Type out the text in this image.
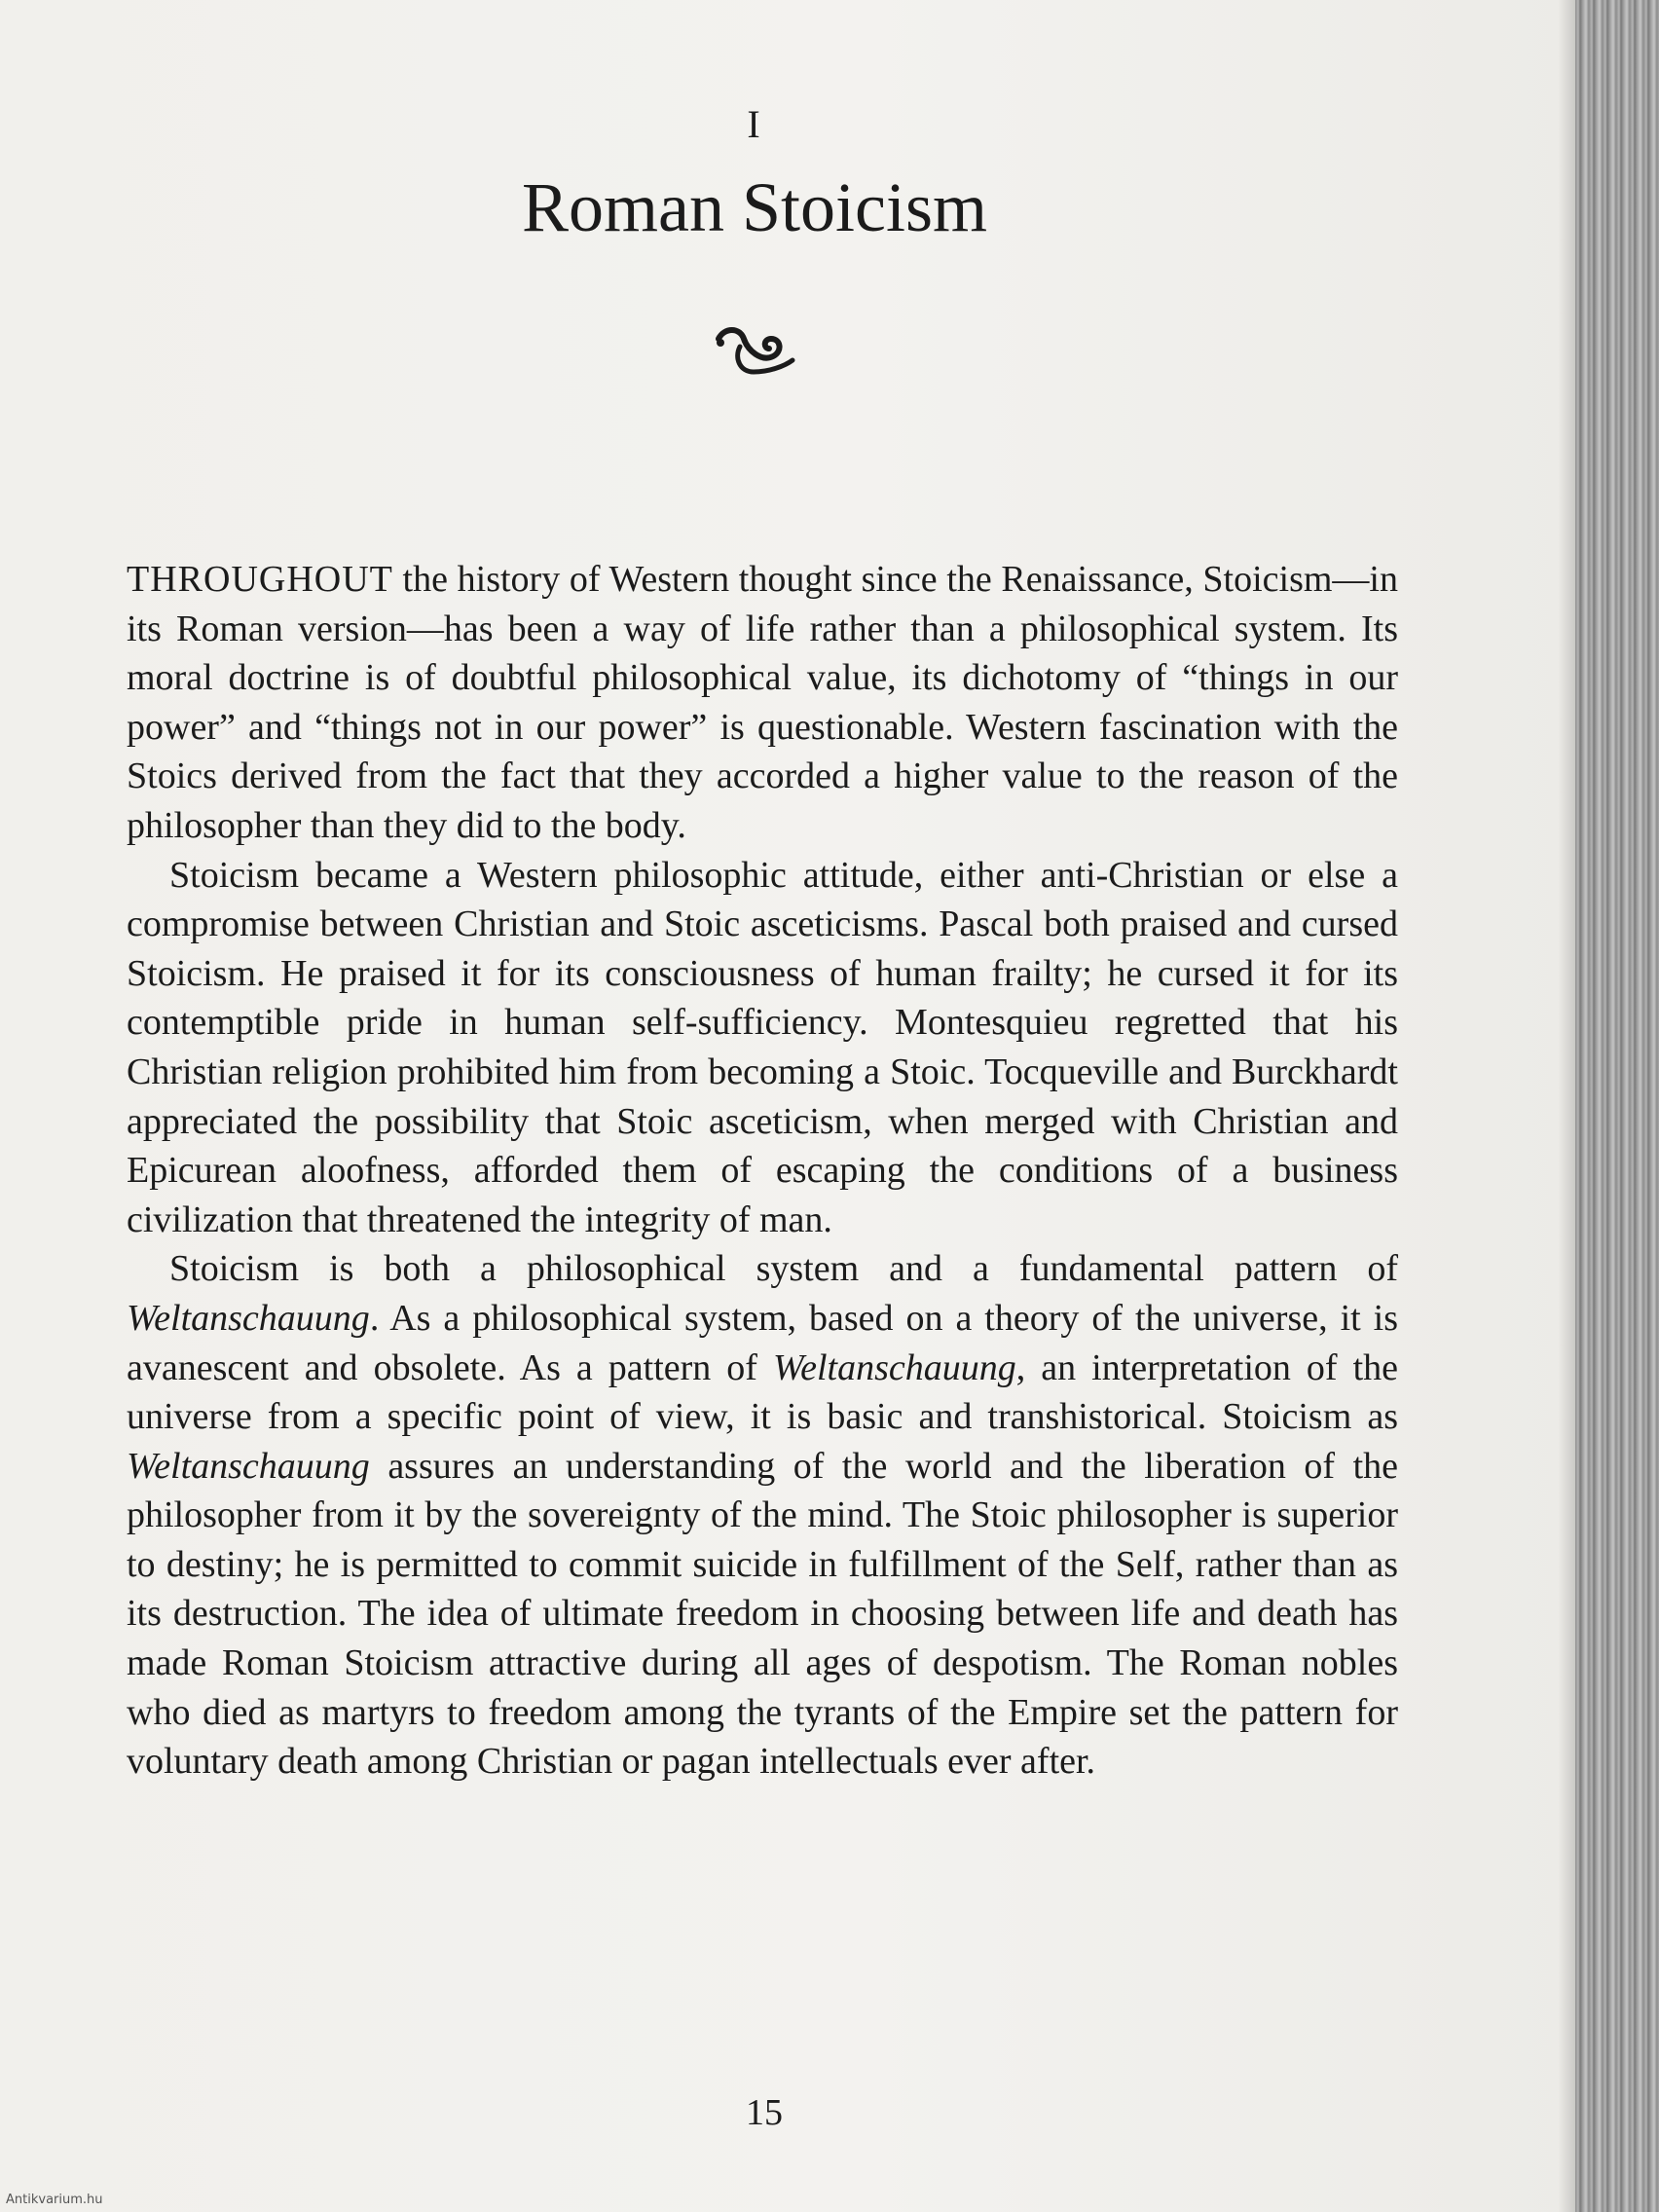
I
Roman Stoicism

THROUGHOUT the history of Western thought since the Renaissance, Stoicism—in its Roman version—has been a way of life rather than a philosophical system. Its moral doctrine is of doubtful philosophical value, its dichotomy of “things in our power” and “things not in our power” is questionable. Western fascination with the Stoics derived from the fact that they accorded a higher value to the reason of the philosopher than they did to the body.

Stoicism became a Western philosophic attitude, either anti-Christian or else a compromise between Christian and Stoic asceticisms. Pascal both praised and cursed Stoicism. He praised it for its consciousness of human frailty; he cursed it for its contemptible pride in human self-sufficiency. Montesquieu regretted that his Christian religion prohibited him from becoming a Stoic. Tocqueville and Burckhardt appreciated the possibility that Stoic asceticism, when merged with Christian and Epicurean aloofness, afforded them of escaping the conditions of a business civilization that threatened the integrity of man.

Stoicism is both a philosophical system and a fundamental pattern of Weltanschauung. As a philosophical system, based on a theory of the universe, it is avanescent and obsolete. As a pattern of Weltanschauung, an interpretation of the universe from a specific point of view, it is basic and transhistorical. Stoicism as Weltanschauung assures an understanding of the world and the liberation of the philosopher from it by the sovereignty of the mind. The Stoic philosopher is superior to destiny; he is permitted to commit suicide in fulfillment of the Self, rather than as its destruction. The idea of ultimate freedom in choosing between life and death has made Roman Stoicism attractive during all ages of despotism. The Roman nobles who died as martyrs to freedom among the tyrants of the Empire set the pattern for voluntary death among Christian or pagan intellectuals ever after.

15
Antikvarium.hu
